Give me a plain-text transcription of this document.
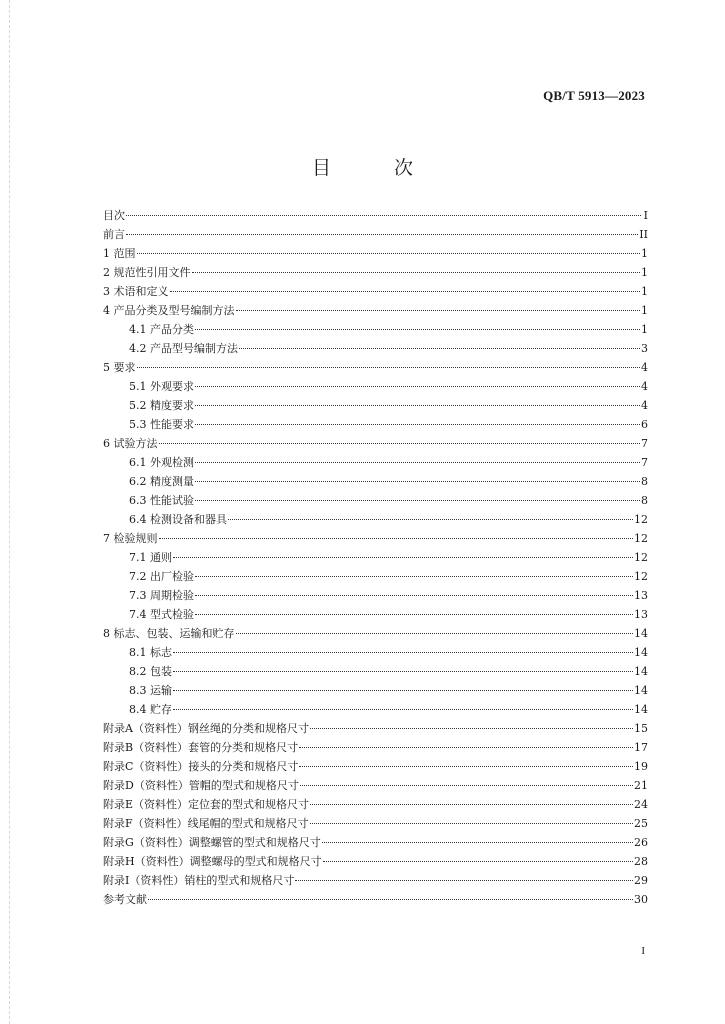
QB/T 5913—2023
目　次
目次	I
前言	II
1 范围	1
2 规范性引用文件	1
3 术语和定义	1
4 产品分类及型号编制方法	1
4.1 产品分类	1
4.2 产品型号编制方法	3
5 要求	4
5.1 外观要求	4
5.2 精度要求	4
5.3 性能要求	6
6 试验方法	7
6.1 外观检测	7
6.2 精度测量	8
6.3 性能试验	8
6.4 检测设备和器具	12
7 检验规则	12
7.1 通则	12
7.2 出厂检验	12
7.3 周期检验	13
7.4 型式检验	13
8 标志、包装、运输和贮存	14
8.1 标志	14
8.2 包装	14
8.3 运输	14
8.4 贮存	14
附录A（资料性）钢丝绳的分类和规格尺寸	15
附录B（资料性）套管的分类和规格尺寸	17
附录C（资料性）接头的分类和规格尺寸	19
附录D（资料性）管帽的型式和规格尺寸	21
附录E（资料性）定位套的型式和规格尺寸	24
附录F（资料性）线尾帽的型式和规格尺寸	25
附录G（资料性）调整螺管的型式和规格尺寸	26
附录H（资料性）调整螺母的型式和规格尺寸	28
附录I（资料性）销柱的型式和规格尺寸	29
参考文献	30
I
